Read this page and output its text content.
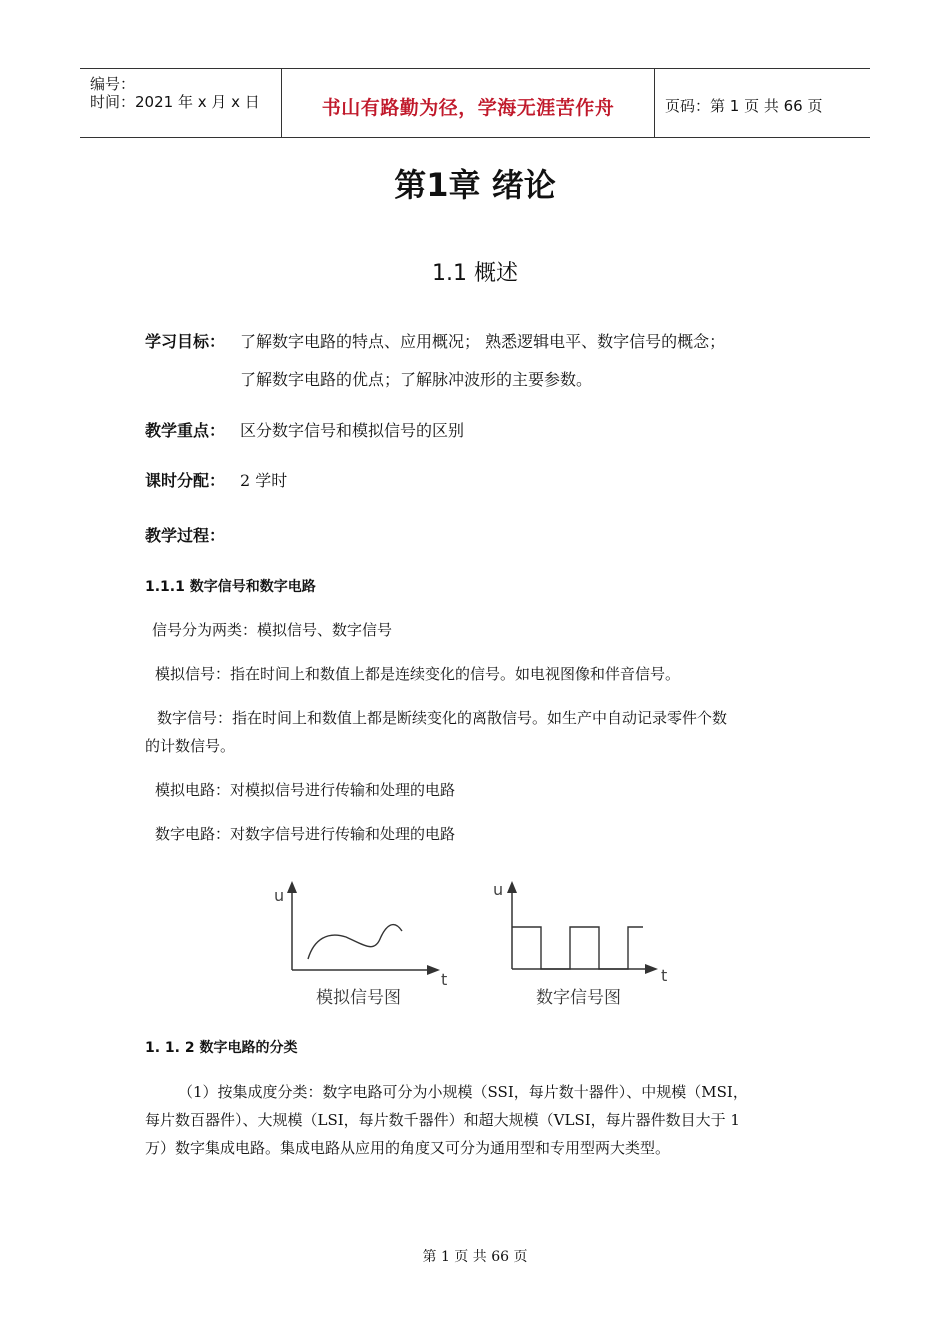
编号：
时间：2021 年 x 月 x 日	书山有路勤为径，学海无涯苦作舟	页码：第 1 页 共 66 页
第1章 绪论
1.1 概述
学习目标： 了解数字电路的特点、应用概况； 熟悉逻辑电平、数字信号的概念；
了解数字电路的优点；了解脉冲波形的主要参数。
教学重点： 区分数字信号和模拟信号的区别
课时分配： 2 学时
教学过程：
1.1.1 数字信号和数字电路
信号分为两类：模拟信号、数字信号
模拟信号：指在时间上和数值上都是连续变化的信号。如电视图像和伴音信号。
数字信号：指在时间上和数值上都是断续变化的离散信号。如生产中自动记录零件个数
的计数信号。
模拟电路：对模拟信号进行传输和处理的电路
数字电路：对数字信号进行传输和处理的电路
u
t
模拟信号图
u
t
数字信号图
1. 1. 2 数字电路的分类
（1）按集成度分类：数字电路可分为小规模（SSI，每片数十器件）、中规模（MSI，
每片数百器件）、大规模（LSI，每片数千器件）和超大规模（VLSI，每片器件数目大于 1
万）数字集成电路。集成电路从应用的角度又可分为通用型和专用型两大类型。
第 1 页 共 66 页
